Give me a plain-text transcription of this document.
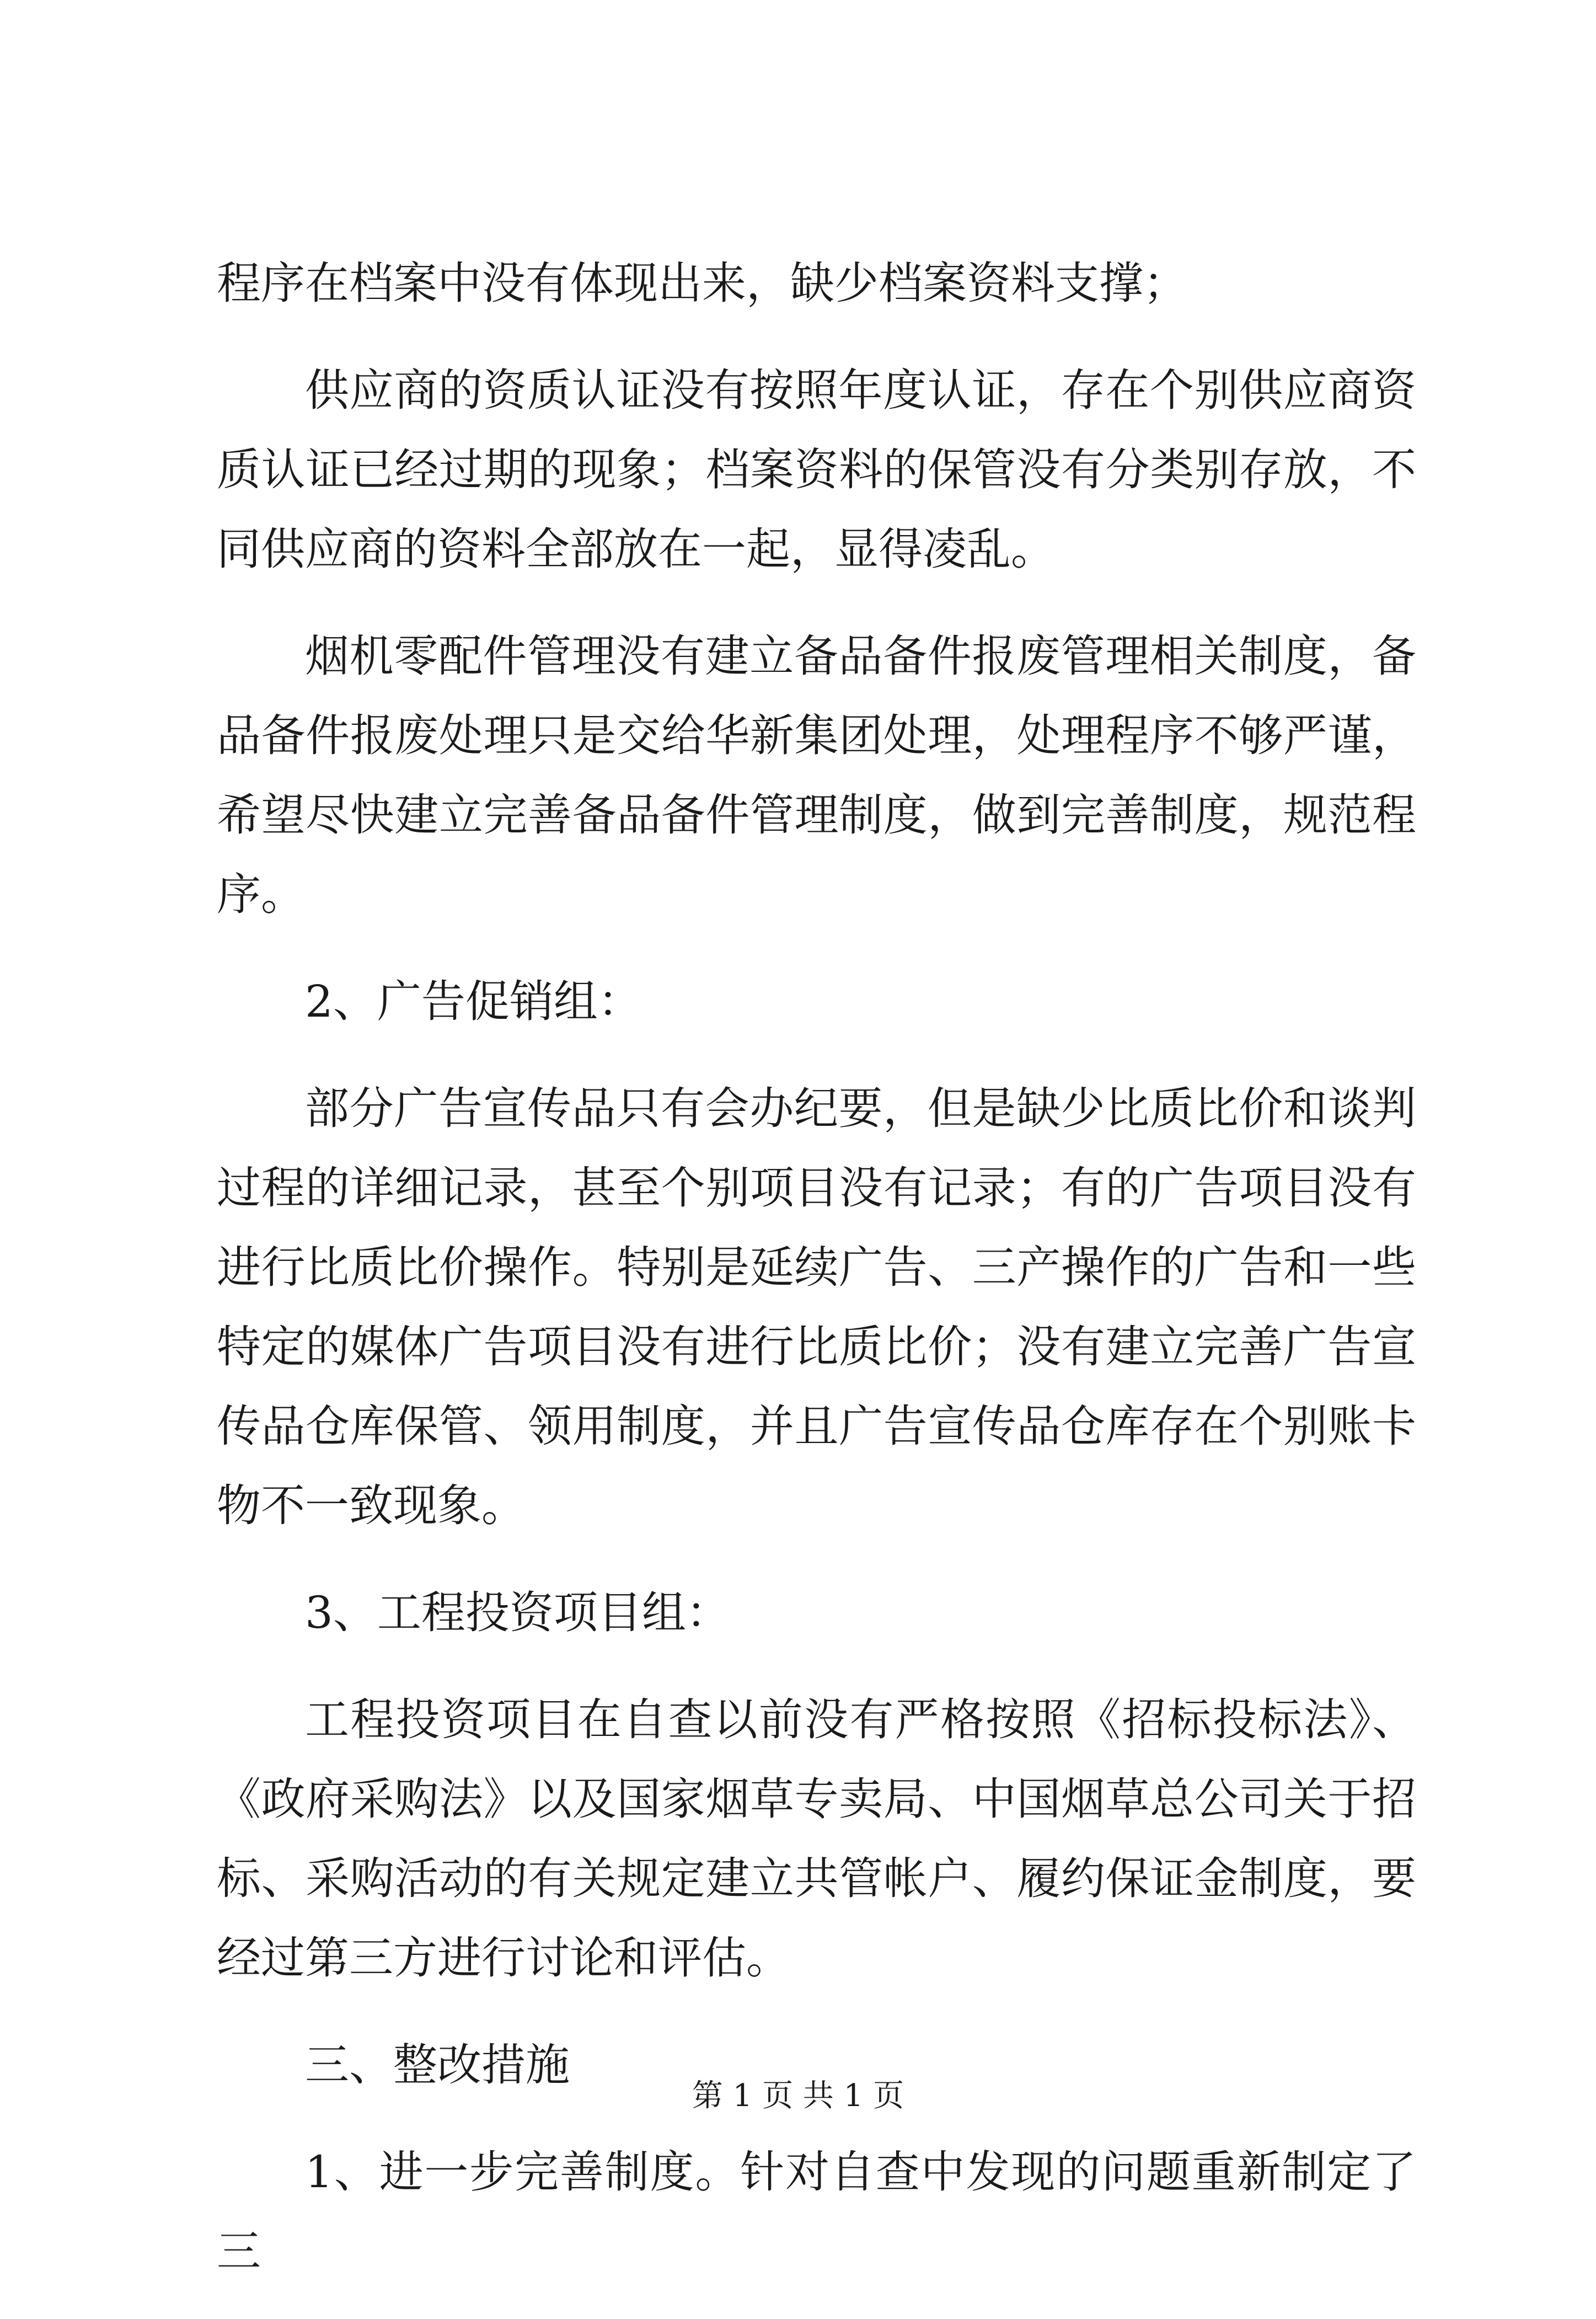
程序在档案中没有体现出来，缺少档案资料支撑；

供应商的资质认证没有按照年度认证，存在个别供应商资质认证已经过期的现象；档案资料的保管没有分类别存放，不同供应商的资料全部放在一起，显得凌乱。

烟机零配件管理没有建立备品备件报废管理相关制度，备品备件报废处理只是交给华新集团处理，处理程序不够严谨，希望尽快建立完善备品备件管理制度，做到完善制度，规范程序。

2、广告促销组：

部分广告宣传品只有会办纪要，但是缺少比质比价和谈判过程的详细记录，甚至个别项目没有记录；有的广告项目没有进行比质比价操作。特别是延续广告、三产操作的广告和一些特定的媒体广告项目没有进行比质比价；没有建立完善广告宣传品仓库保管、领用制度，并且广告宣传品仓库存在个别账卡物不一致现象。

3、工程投资项目组：

工程投资项目在自查以前没有严格按照《招标投标法》、《政府采购法》以及国家烟草专卖局、中国烟草总公司关于招标、采购活动的有关规定建立共管帐户、履约保证金制度，要经过第三方进行讨论和评估。

三、整改措施

1、进一步完善制度。针对自查中发现的问题重新制定了三

第 1 页 共 1 页
